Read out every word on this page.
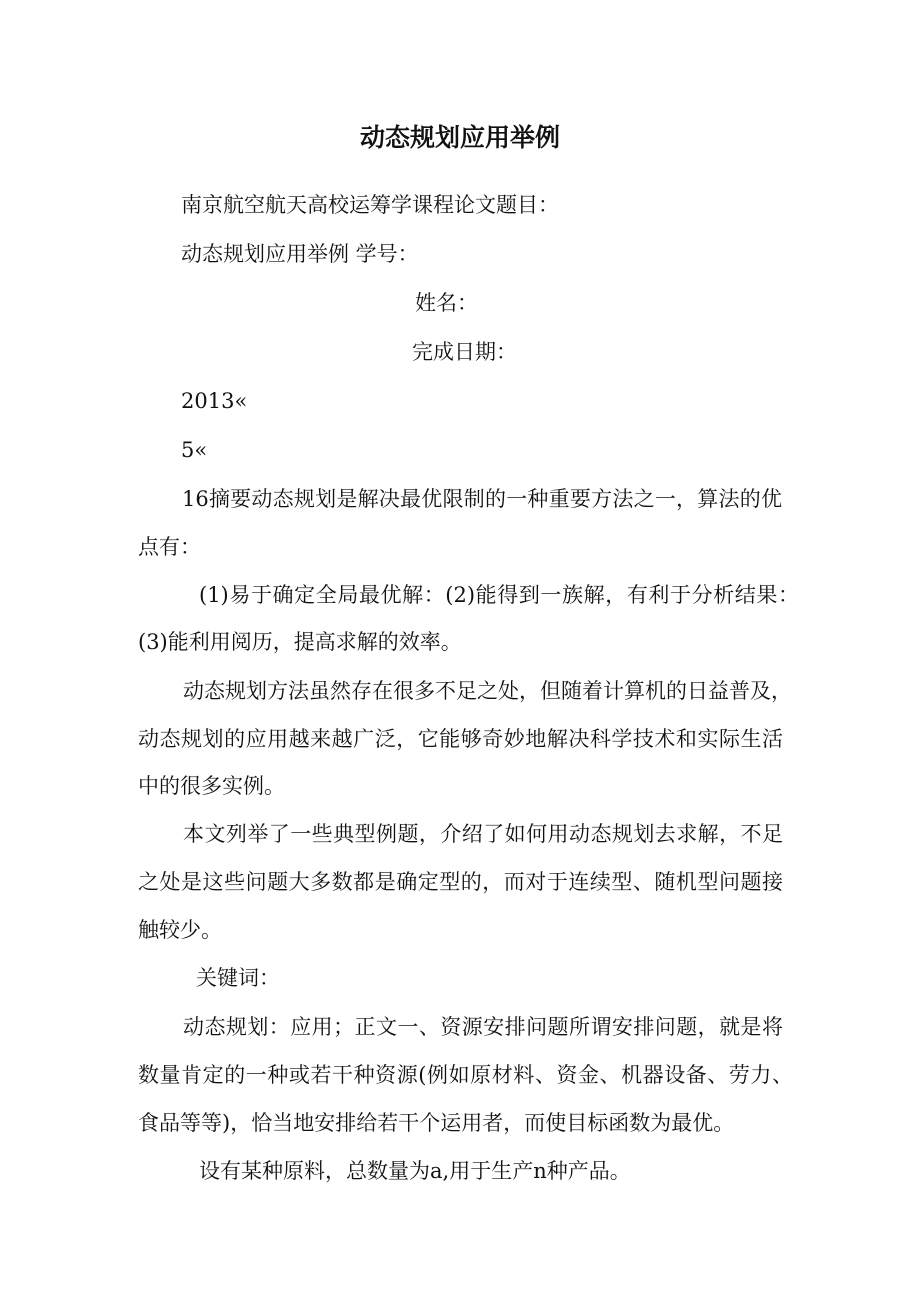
动态规划应用举例

南京航空航天高校运筹学课程论文题目：

动态规划应用举例 学号：

姓名：

完成日期：

2013«

5«

16摘要动态规划是解决最优限制的一种重要方法之一，算法的优

点有：

(1)易于确定全局最优解：(2)能得到一族解，有利于分析结果：

(3)能利用阅历，提高求解的效率。

动态规划方法虽然存在很多不足之处，但随着计算机的日益普及，

动态规划的应用越来越广泛，它能够奇妙地解决科学技术和实际生活

中的很多实例。

本文列举了一些典型例题，介绍了如何用动态规划去求解，不足

之处是这些问题大多数都是确定型的，而对于连续型、随机型问题接

触较少。

关键词：

动态规划：应用；正文一、资源安排问题所谓安排问题，就是将

数量肯定的一种或若干种资源(例如原材料、资金、机器设备、劳力、

食品等等)，恰当地安排给若干个运用者，而使目标函数为最优。

设有某种原料，总数量为a,用于生产n种产品。
